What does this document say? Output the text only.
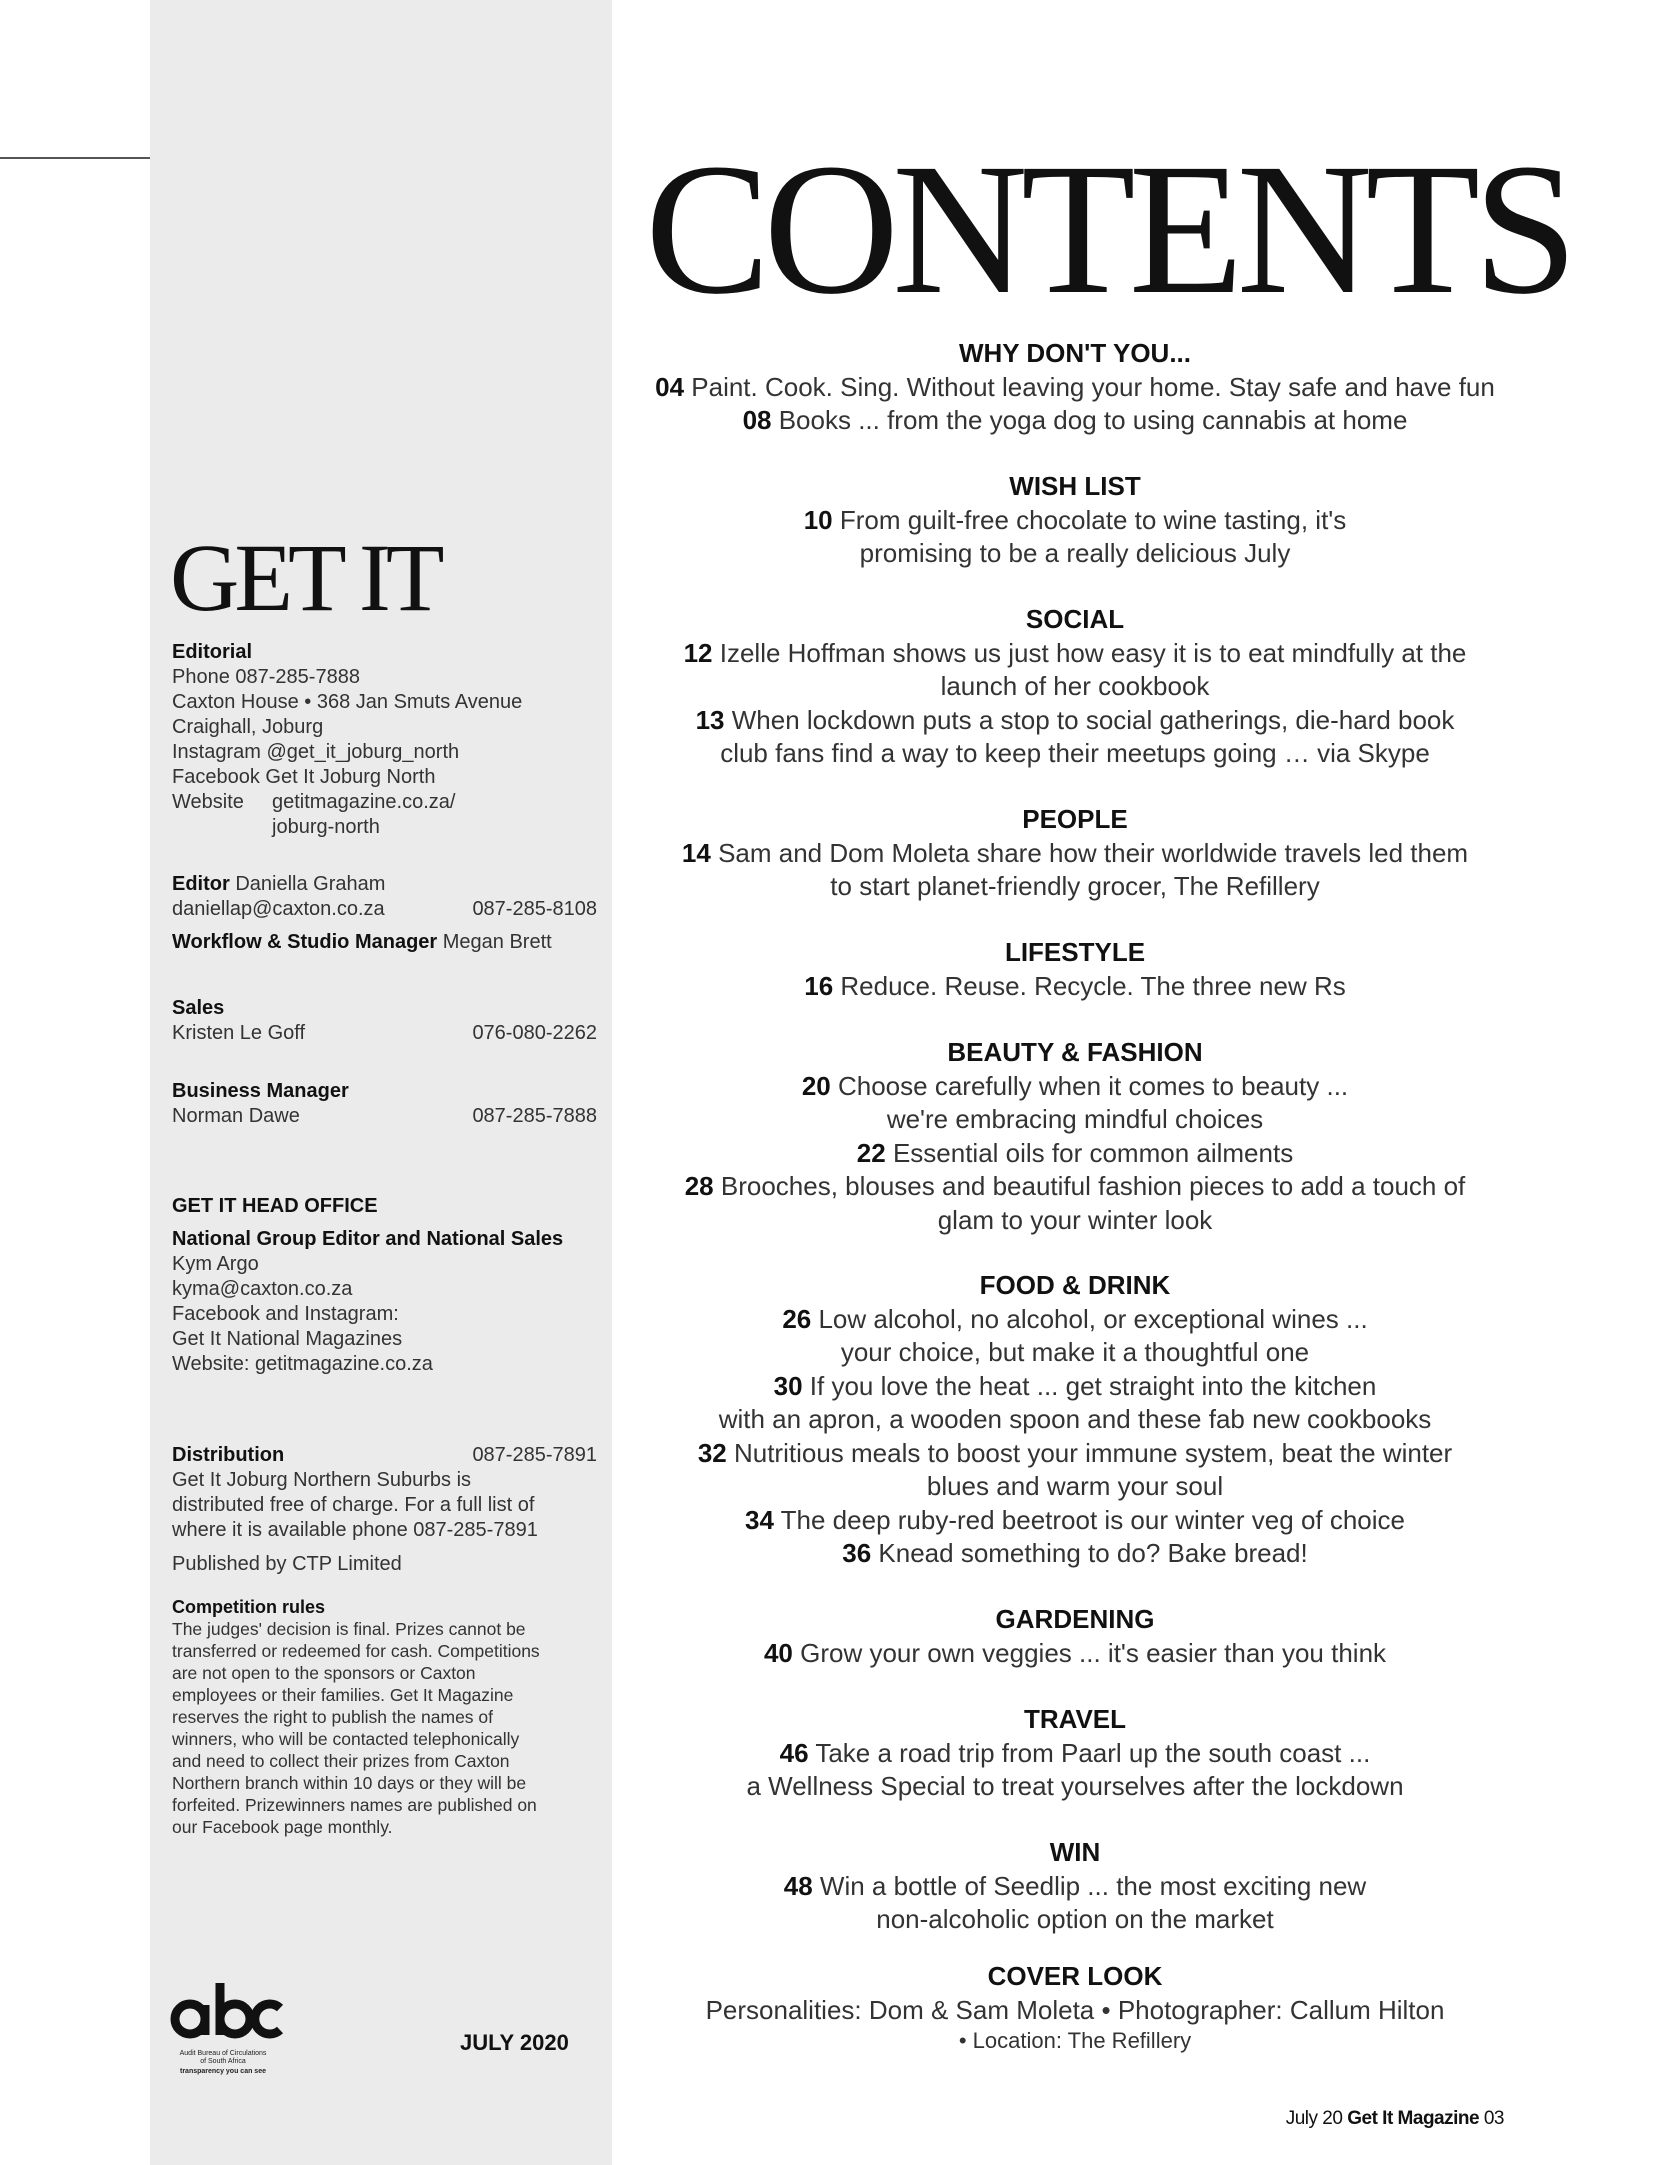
GET IT
Editorial
Phone 087-285-7888
Caxton House • 368 Jan Smuts Avenue
Craighall, Joburg
Instagram @get_it_joburg_north
Facebook Get It Joburg North
Website getitmagazine.co.za/
joburg-north
Editor Daniella Graham
daniellap@caxton.co.za	087-285-8108
Workflow & Studio Manager Megan Brett
Sales
Kristen Le Goff	076-080-2262
Business Manager
Norman Dawe	087-285-7888
GET IT HEAD OFFICE
National Group Editor and National Sales
Kym Argo
kyma@caxton.co.za
Facebook and Instagram:
Get It National Magazines
Website: getitmagazine.co.za
Distribution	087-285-7891
Get It Joburg Northern Suburbs is
distributed free of charge. For a full list of
where it is available phone 087-285-7891
Published by CTP Limited
Competition rules
The judges' decision is final. Prizes cannot be
transferred or redeemed for cash. Competitions
are not open to the sponsors or Caxton
employees or their families. Get It Magazine
reserves the right to publish the names of
winners, who will be contacted telephonically
and need to collect their prizes from Caxton
Northern branch within 10 days or they will be
forfeited. Prizewinners names are published on
our Facebook page monthly.
Audit Bureau of Circulations
of South Africa
transparency you can see
JULY 2020
CONTENTS
WHY DON'T YOU...
04 Paint. Cook. Sing. Without leaving your home. Stay safe and have fun
08 Books ... from the yoga dog to using cannabis at home
WISH LIST
10 From guilt-free chocolate to wine tasting, it's
promising to be a really delicious July
SOCIAL
12 Izelle Hoffman shows us just how easy it is to eat mindfully at the
launch of her cookbook
13 When lockdown puts a stop to social gatherings, die-hard book
club fans find a way to keep their meetups going … via Skype
PEOPLE
14 Sam and Dom Moleta share how their worldwide travels led them
to start planet-friendly grocer, The Refillery
LIFESTYLE
16 Reduce. Reuse. Recycle. The three new Rs
BEAUTY & FASHION
20 Choose carefully when it comes to beauty ...
we're embracing mindful choices
22 Essential oils for common ailments
28 Brooches, blouses and beautiful fashion pieces to add a touch of
glam to your winter look
FOOD & DRINK
26 Low alcohol, no alcohol, or exceptional wines ...
your choice, but make it a thoughtful one
30 If you love the heat ... get straight into the kitchen
with an apron, a wooden spoon and these fab new cookbooks
32 Nutritious meals to boost your immune system, beat the winter
blues and warm your soul
34 The deep ruby-red beetroot is our winter veg of choice
36 Knead something to do? Bake bread!
GARDENING
40 Grow your own veggies ... it's easier than you think
TRAVEL
46 Take a road trip from Paarl up the south coast ...
a Wellness Special to treat yourselves after the lockdown
WIN
48 Win a bottle of Seedlip ... the most exciting new
non-alcoholic option on the market
COVER LOOK
Personalities: Dom & Sam Moleta • Photographer: Callum Hilton
• Location: The Refillery
July 20 Get It Magazine 03
